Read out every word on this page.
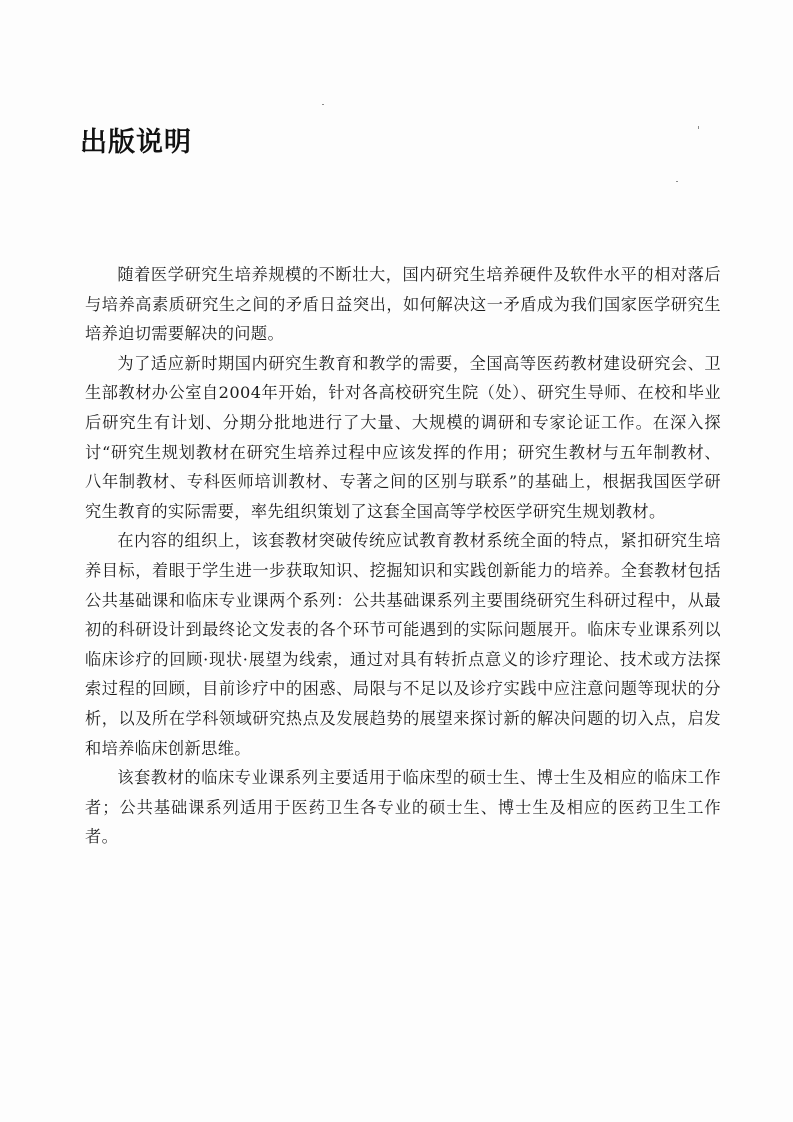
出版说明

随着医学研究生培养规模的不断壮大，国内研究生培养硬件及软件水平的相对落后与培养高素质研究生之间的矛盾日益突出，如何解决这一矛盾成为我们国家医学研究生培养迫切需要解决的问题。

为了适应新时期国内研究生教育和教学的需要，全国高等医药教材建设研究会、卫生部教材办公室自2004年开始，针对各高校研究生院（处）、研究生导师、在校和毕业后研究生有计划、分期分批地进行了大量、大规模的调研和专家论证工作。在深入探讨“研究生规划教材在研究生培养过程中应该发挥的作用；研究生教材与五年制教材、八年制教材、专科医师培训教材、专著之间的区别与联系”的基础上，根据我国医学研究生教育的实际需要，率先组织策划了这套全国高等学校医学研究生规划教材。

在内容的组织上，该套教材突破传统应试教育教材系统全面的特点，紧扣研究生培养目标，着眼于学生进一步获取知识、挖掘知识和实践创新能力的培养。全套教材包括公共基础课和临床专业课两个系列：公共基础课系列主要围绕研究生科研过程中，从最初的科研设计到最终论文发表的各个环节可能遇到的实际问题展开。临床专业课系列以临床诊疗的回顾·现状·展望为线索，通过对具有转折点意义的诊疗理论、技术或方法探索过程的回顾，目前诊疗中的困惑、局限与不足以及诊疗实践中应注意问题等现状的分析，以及所在学科领域研究热点及发展趋势的展望来探讨新的解决问题的切入点，启发和培养临床创新思维。

该套教材的临床专业课系列主要适用于临床型的硕士生、博士生及相应的临床工作者；公共基础课系列适用于医药卫生各专业的硕士生、博士生及相应的医药卫生工作者。
